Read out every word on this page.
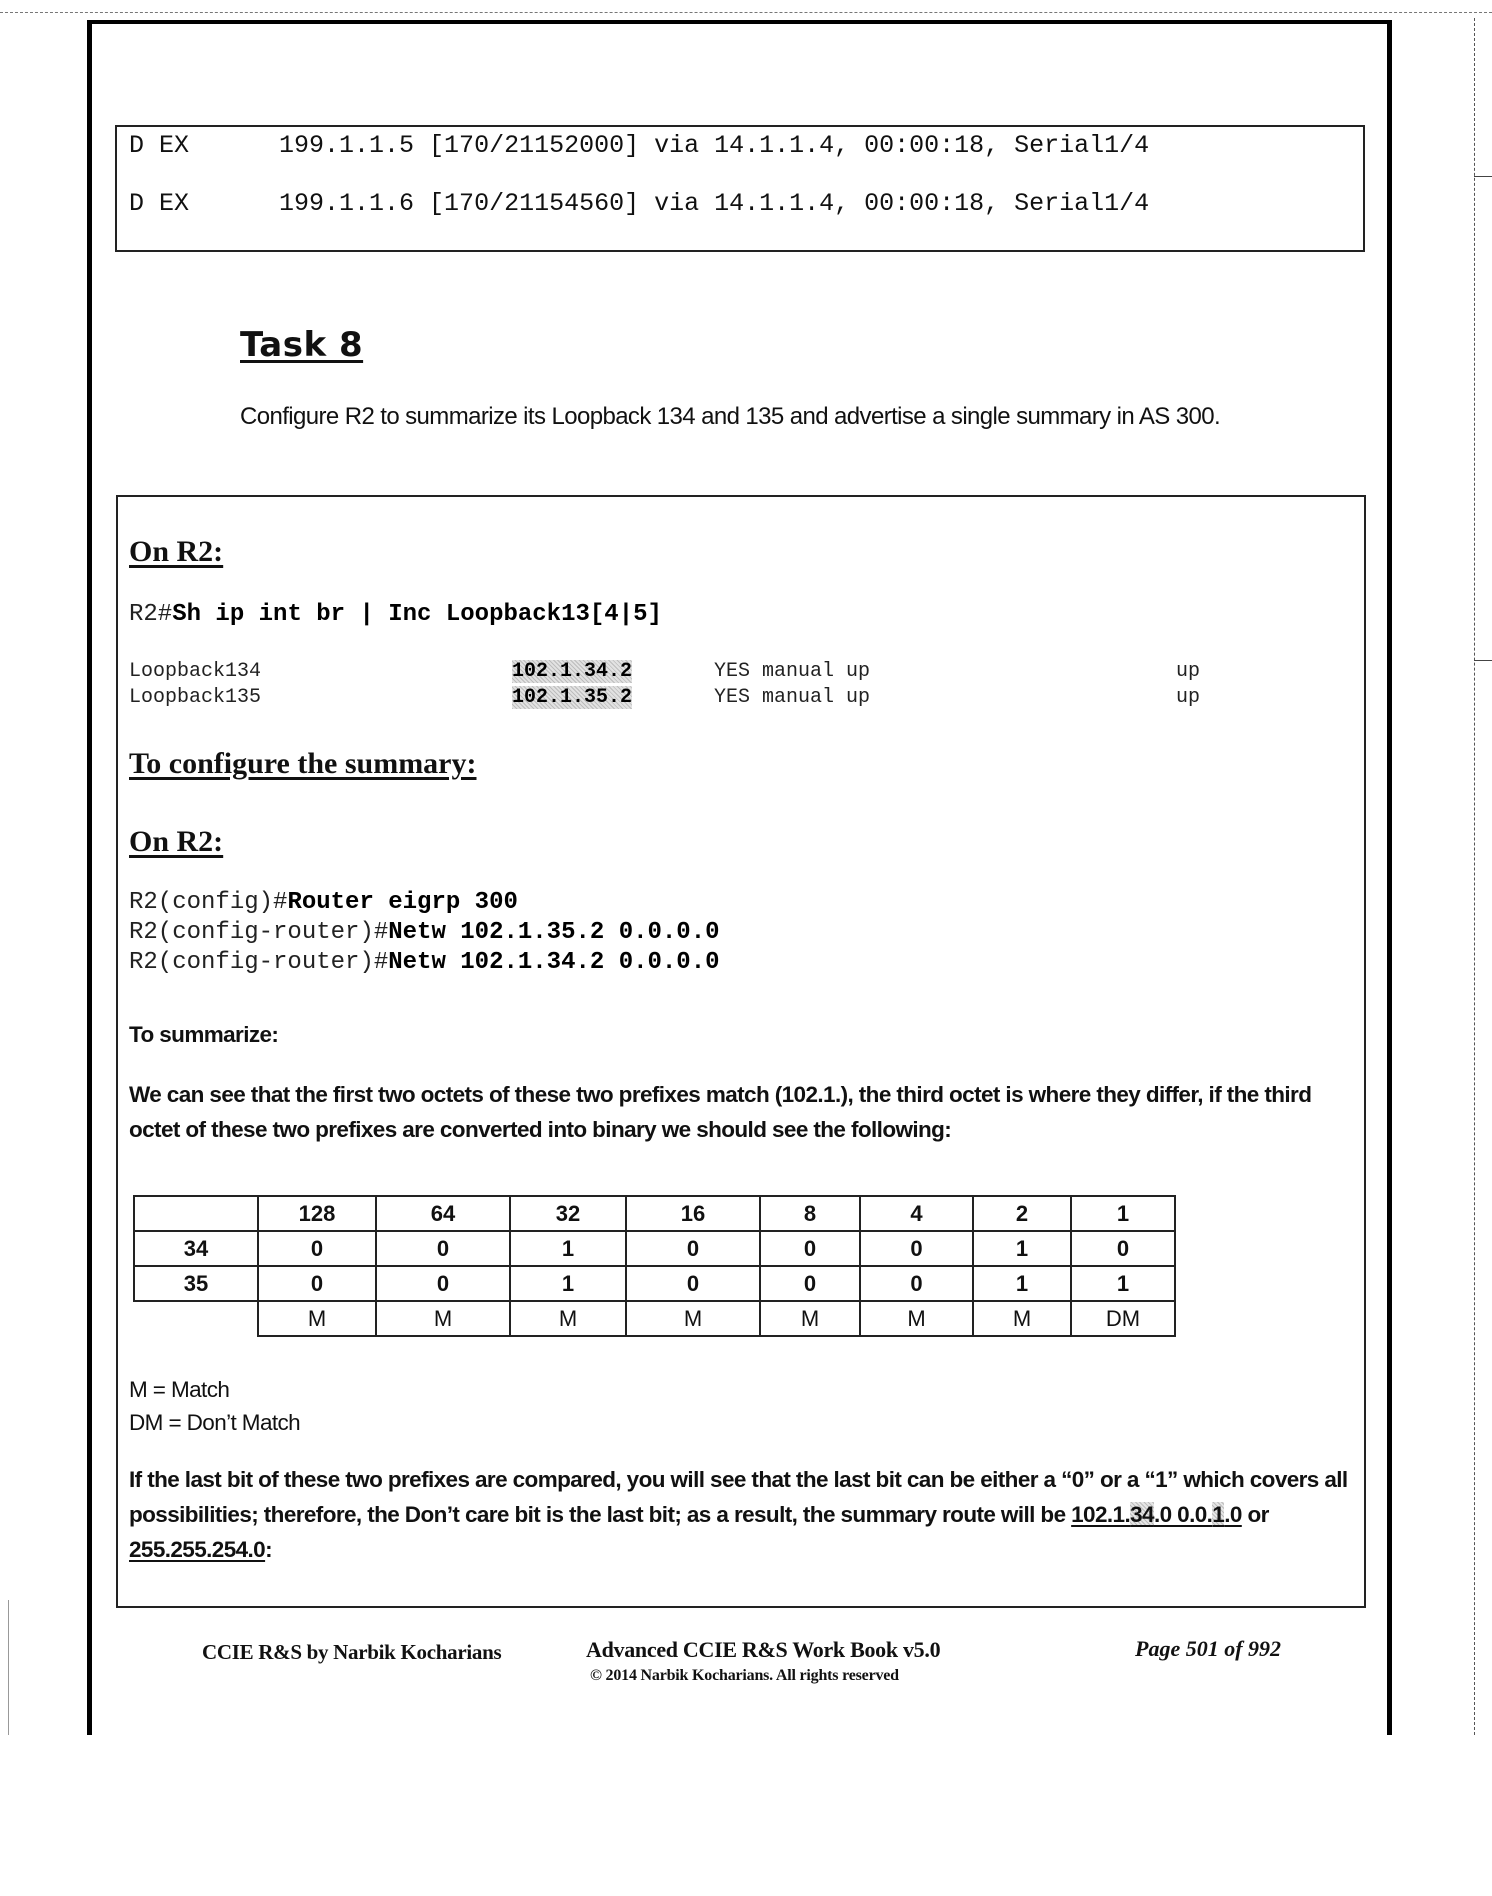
D EX	199.1.1.5 [170/21152000] via 14.1.1.4, 00:00:18, Serial1/4
D EX	199.1.1.6 [170/21154560] via 14.1.1.4, 00:00:18, Serial1/4
Task 8
Configure R2 to summarize its Loopback 134 and 135 and advertise a single summary in AS 300.
On R2:
R2#Sh ip int br | Inc Loopback13[4|5]
Loopback134	102.1.34.2	YES manual up	up
Loopback135	102.1.35.2	YES manual up	up
To configure the summary:
On R2:
R2(config)#Router eigrp 300
R2(config-router)#Netw 102.1.35.2 0.0.0.0
R2(config-router)#Netw 102.1.34.2 0.0.0.0
To summarize:
We can see that the first two octets of these two prefixes match (102.1.), the third octet is where they differ, if the third octet of these two prefixes are converted into binary we should see the following:
	128	64	32	16	8	4	2	1
34	0	0	1	0	0	0	1	0
35	0	0	1	0	0	0	1	1
	M	M	M	M	M	M	M	DM
M = Match
DM = Don’t Match
If the last bit of these two prefixes are compared, you will see that the last bit can be either a “0” or a “1” which covers all possibilities; therefore, the Don’t care bit is the last bit; as a result, the summary route will be 102.1.34.0 0.0.1.0 or 255.255.254.0:
CCIE R&S by Narbik Kocharians	Advanced CCIE R&S Work Book v5.0
© 2014 Narbik Kocharians. All rights reserved
Page 501 of 992
